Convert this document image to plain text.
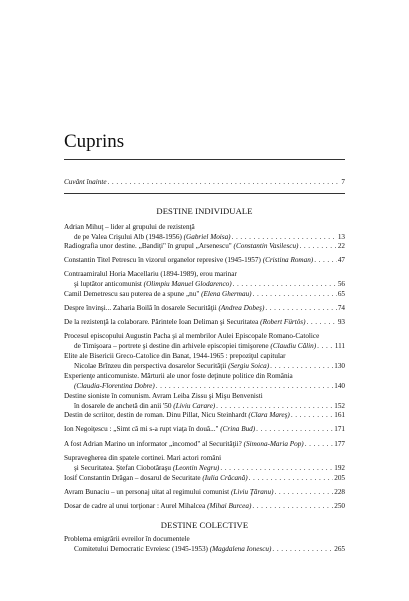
Cuprins
Cuvânt înainte . . .	7
DESTINE INDIVIDUALE
Adrian Mihuţ – lider al grupului de rezistenţă
de pe Valea Crişului Alb (1948-1956)
(Gabriel Moisa) . . .	13
Radiografia unor destine. „Bandiţi" în grupul „Arsenescu"
(Constantin Vasilescu) . . .	22
Constantin Titel Petrescu în vizorul organelor represive (1945-1957)
(Cristina Roman) . . .	47
Contraamiralul Horia Macellariu (1894-1989), erou marinar
şi luptător anticomunist
(Olimpiu Manuel Glodarenco) . . .	56
Camil Demetrescu sau puterea de a spune „nu"
(Elena Ghermau) . . .	65
Despre învinşi... Zaharia Boilă în dosarele Securităţii
(Andrea Dobeş) . . .	74
De la rezistenţă la colaborare. Părintele Ioan Deliman şi Securitatea
(Robert Fürtös) . . .	93
Procesul episcopului Augustin Pacha şi al membrilor Aulei Episcopale Romano-Catolice
de Timişoara – portrete şi destine din arhivele episcopiei timişorene
(Claudiu Călin) . . .	111
Elite ale Bisericii Greco-Catolice din Banat, 1944-1965 : prepoziţul capitular
Nicolae Brînzeu din perspectiva dosarelor Securităţii
(Sergiu Soica) . . .	130
Experienţe anticomuniste. Mărturii ale unor foste deţinute politice din România
(Claudia-Florentina Dobre) . . .	140
Destine sioniste în comunism. Avram Leiba Zissu şi Mişu Benvenisti
în dosarele de anchetă din anii '50
(Liviu Carare) . . .	152
Destin de scriitor, destin de roman. Dinu Pillat, Nicu Steinhardt
(Clara Mareş) . . .	161
Ion Negoiţescu : „Simt că mi s-a rupt viaţa în două..."
(Crina Bud) . . .	171
A fost Adrian Marino un informator „incomod" al Securităţii?
(Simona-Maria Pop) . . .	177
Supravegherea din spatele cortinei. Mari actori români
şi Securitatea. Ştefan Ciobotăraşu
(Leontin Negru) . . .	192
Iosif Constantin Drăgan – dosarul de Securitate
(Iulia Crăcană) . . .	205
Avram Bunaciu – un personaj uitat al regimului comunist
(Liviu Ţăranu) . . .	228
Dosar de cadre al unui torţionar : Aurel Mihalcea
(Mihai Burcea) . . .	250
Problema emigrării evreilor în documentele
Comitetului Democratic Evreiesc (1945-1953)
(Magdalena Ionescu) . . .	265
DESTINE COLECTIVE
